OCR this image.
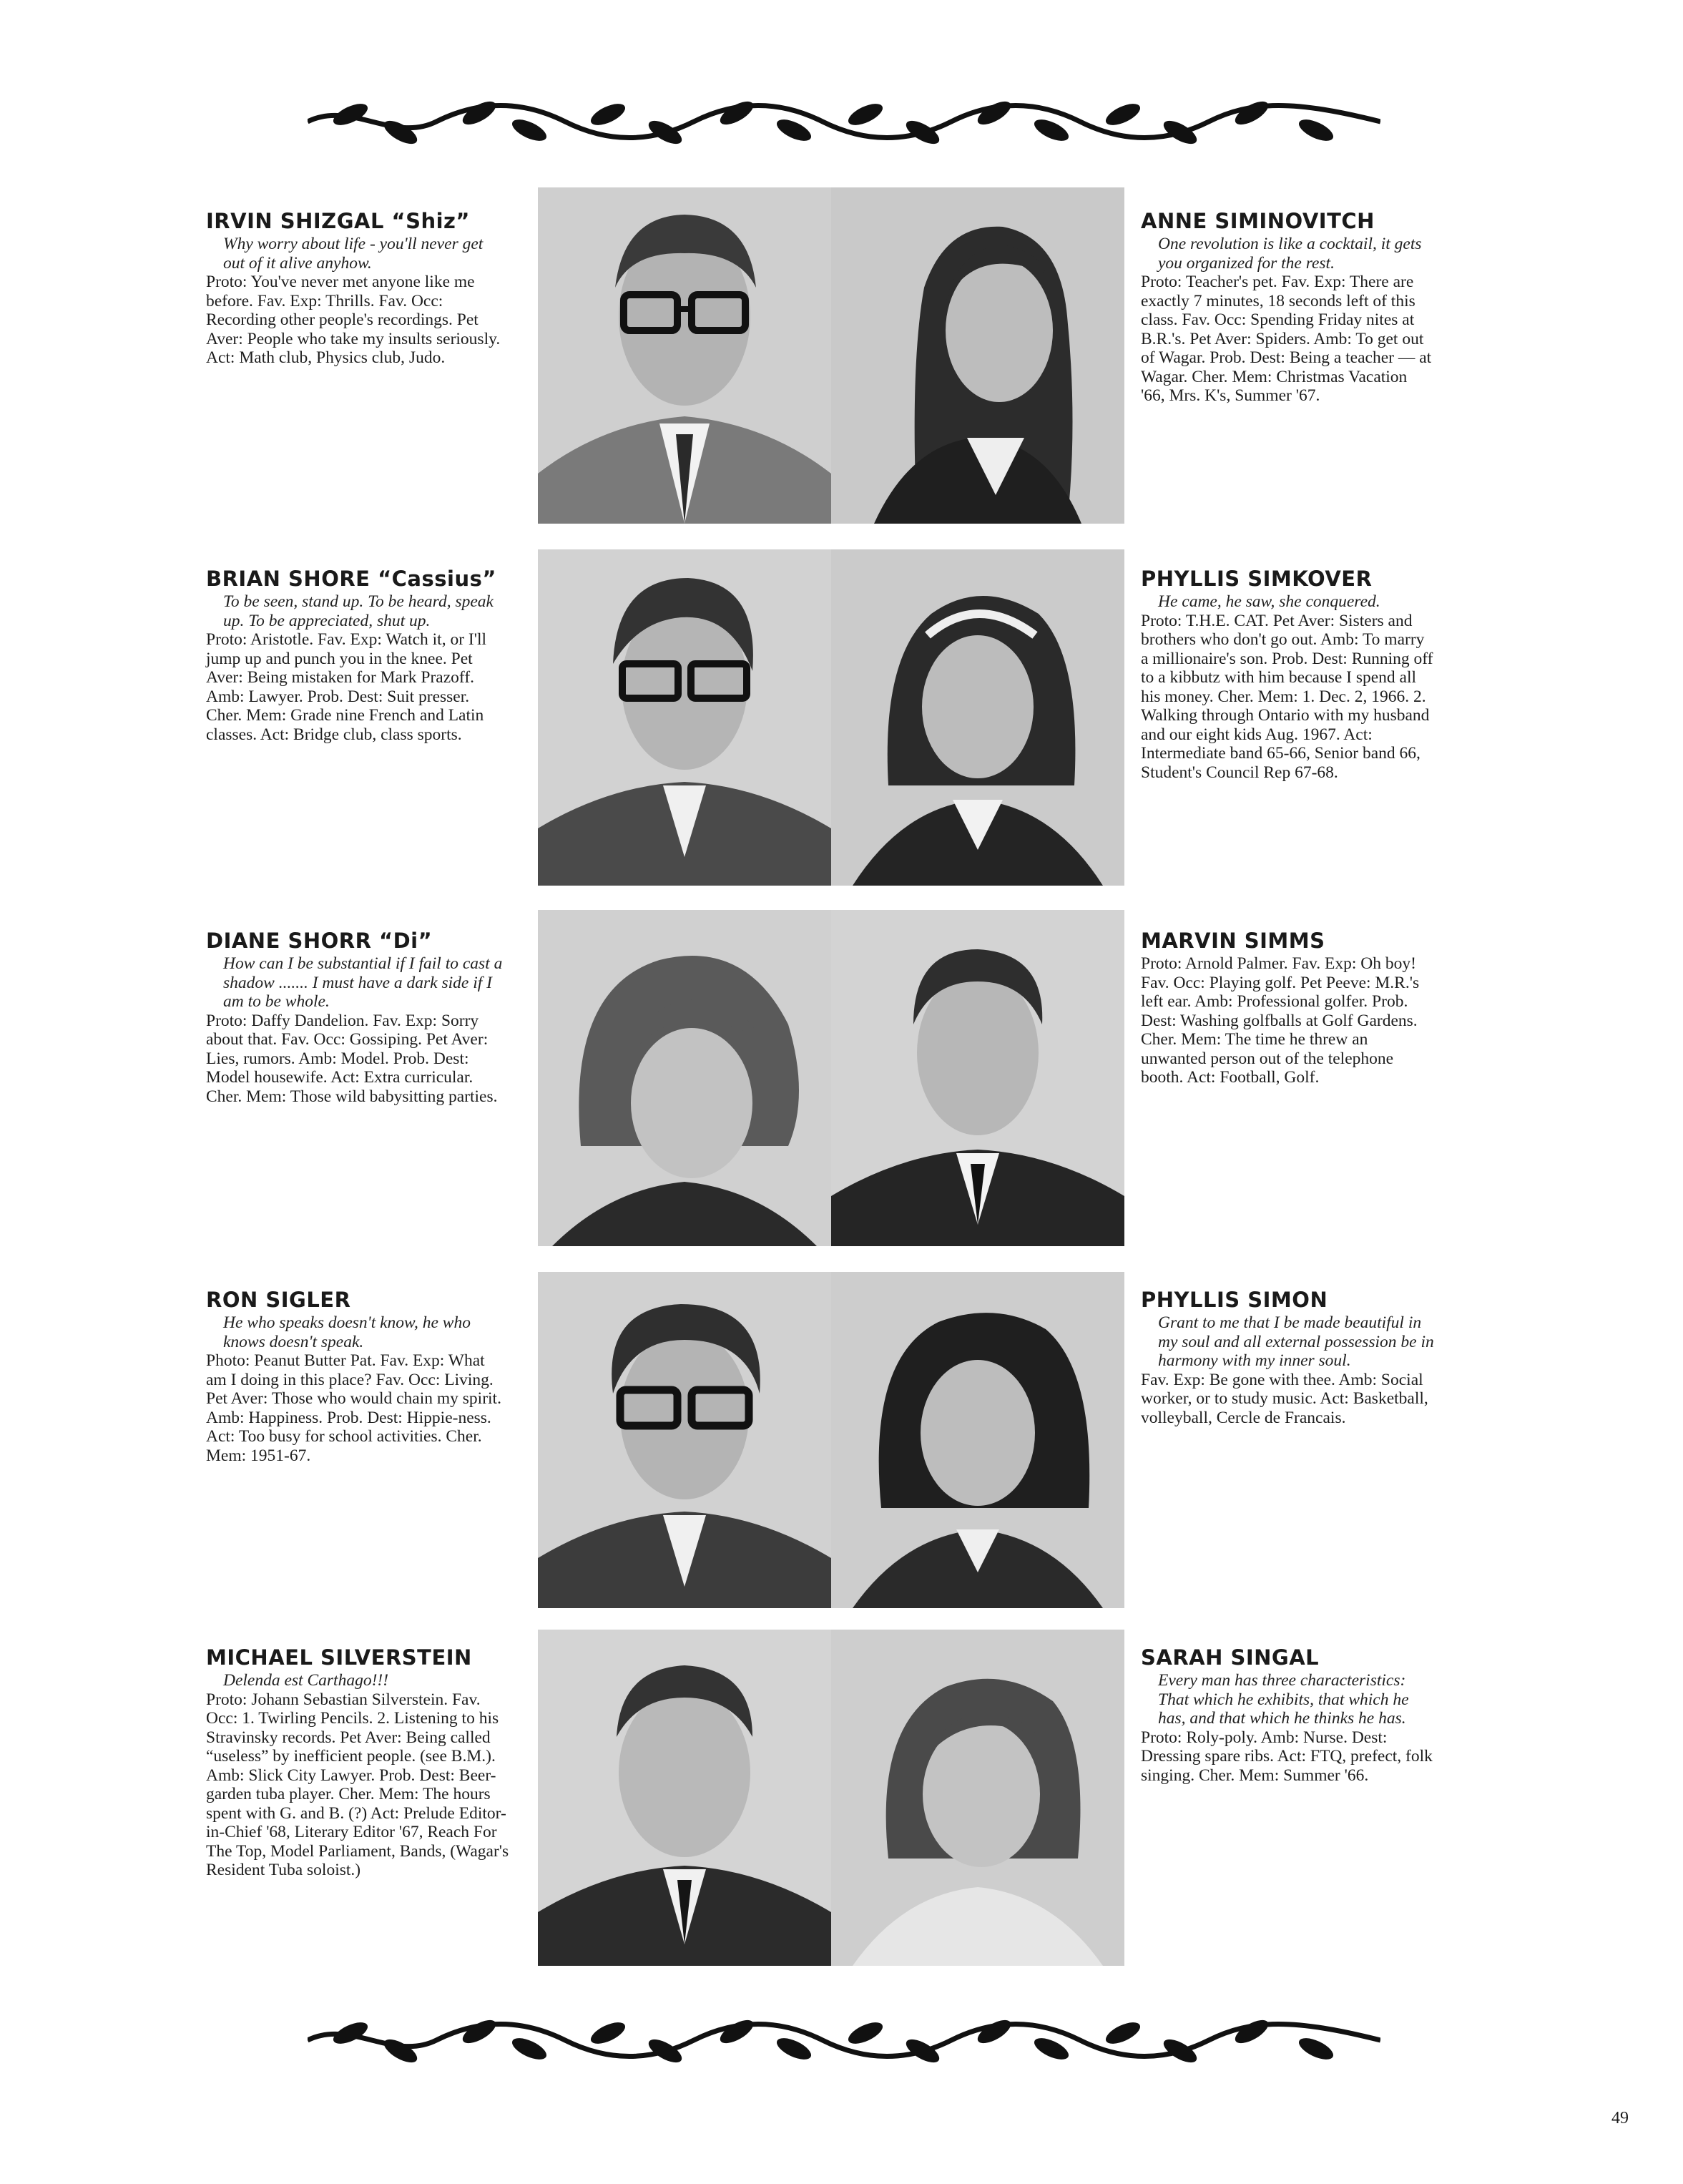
IRVIN SHIZGAL “Shiz”
Why worry about life - you'll never get out of it alive anyhow.
Proto: You've never met anyone like me before. Fav. Exp: Thrills. Fav. Occ: Recording other people's recordings. Pet Aver: People who take my insults seriously. Act: Math club, Physics club, Judo.
ANNE SIMINOVITCH
One revolution is like a cocktail, it gets you organized for the rest.
Proto: Teacher's pet. Fav. Exp: There are exactly 7 minutes, 18 seconds left of this class. Fav. Occ: Spending Friday nites at B.R.'s. Pet Aver: Spiders. Amb: To get out of Wagar. Prob. Dest: Being a teacher — at Wagar. Cher. Mem: Christmas Vacation '66, Mrs. K's, Summer '67.
BRIAN SHORE “Cassius”
To be seen, stand up. To be heard, speak up. To be appreciated, shut up.
Proto: Aristotle. Fav. Exp: Watch it, or I'll jump up and punch you in the knee. Pet Aver: Being mistaken for Mark Prazoff. Amb: Lawyer. Prob. Dest: Suit presser. Cher. Mem: Grade nine French and Latin classes. Act: Bridge club, class sports.
PHYLLIS SIMKOVER
He came, he saw, she conquered.
Proto: T.H.E. CAT. Pet Aver: Sisters and brothers who don't go out. Amb: To marry a millionaire's son. Prob. Dest: Running off to a kibbutz with him because I spend all his money. Cher. Mem: 1. Dec. 2, 1966. 2. Walking through Ontario with my husband and our eight kids Aug. 1967. Act: Intermediate band 65-66, Senior band 66, Student's Council Rep 67-68.
DIANE SHORR “Di”
How can I be substantial if I fail to cast a shadow ....... I must have a dark side if I am to be whole.
Proto: Daffy Dandelion. Fav. Exp: Sorry about that. Fav. Occ: Gossiping. Pet Aver: Lies, rumors. Amb: Model. Prob. Dest: Model housewife. Act: Extra curricular. Cher. Mem: Those wild babysitting parties.
MARVIN SIMMS
Proto: Arnold Palmer. Fav. Exp: Oh boy! Fav. Occ: Playing golf. Pet Peeve: M.R.'s left ear. Amb: Professional golfer. Prob. Dest: Washing golfballs at Golf Gardens. Cher. Mem: The time he threw an unwanted person out of the telephone booth. Act: Football, Golf.
RON SIGLER
He who speaks doesn't know, he who knows doesn't speak.
Photo: Peanut Butter Pat. Fav. Exp: What am I doing in this place? Fav. Occ: Living. Pet Aver: Those who would chain my spirit. Amb: Happiness. Prob. Dest: Hippie-ness. Act: Too busy for school activities. Cher. Mem: 1951-67.
PHYLLIS SIMON
Grant to me that I be made beautiful in my soul and all external possession be in harmony with my inner soul.
Fav. Exp: Be gone with thee. Amb: Social worker, or to study music. Act: Basketball, volleyball, Cercle de Francais.
MICHAEL SILVERSTEIN
Delenda est Carthago!!!
Proto: Johann Sebastian Silverstein. Fav. Occ: 1. Twirling Pencils. 2. Listening to his Stravinsky records. Pet Aver: Being called “useless” by inefficient people. (see B.M.). Amb: Slick City Lawyer. Prob. Dest: Beer-garden tuba player. Cher. Mem: The hours spent with G. and B. (?) Act: Prelude Editor-in-Chief '68, Literary Editor '67, Reach For The Top, Model Parliament, Bands, (Wagar's Resident Tuba soloist.)
SARAH SINGAL
Every man has three characteristics: That which he exhibits, that which he has, and that which he thinks he has.
Proto: Roly-poly. Amb: Nurse. Dest: Dressing spare ribs. Act: FTQ, prefect, folk singing. Cher. Mem: Summer '66.
49
